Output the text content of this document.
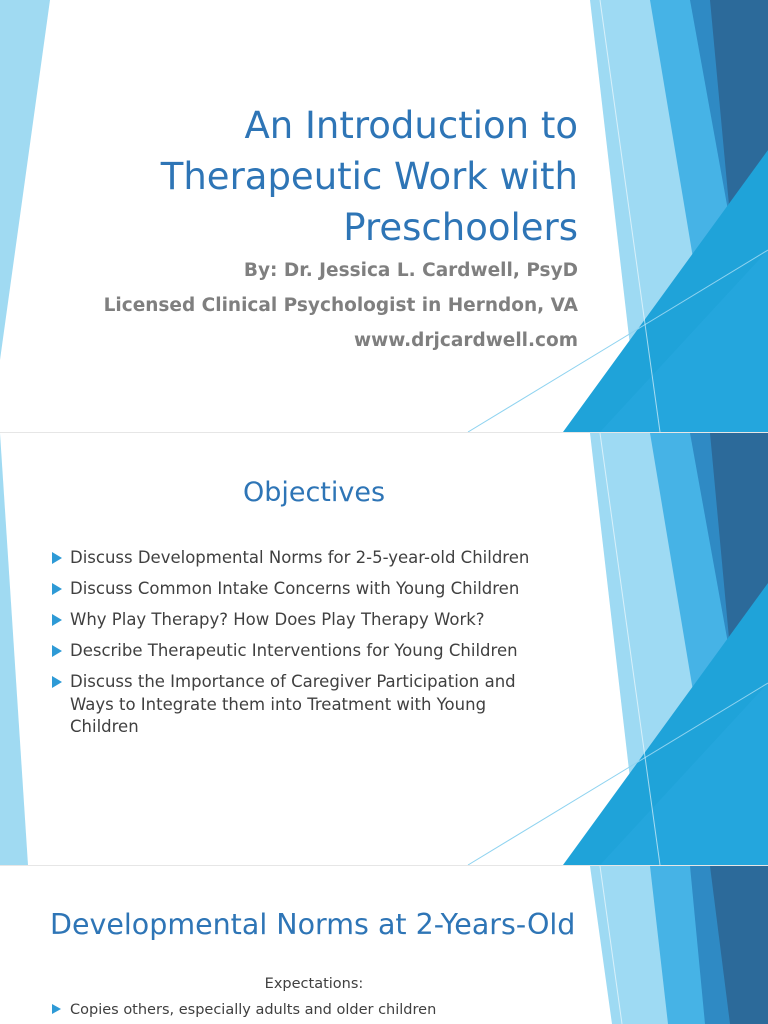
An Introduction to
Therapeutic Work with
Preschoolers
By: Dr. Jessica L. Cardwell, PsyD
Licensed Clinical Psychologist in Herndon, VA
www.drjcardwell.com
Objectives
Discuss Developmental Norms for 2-5-year-old Children
Discuss Common Intake Concerns with Young Children
Why Play Therapy? How Does Play Therapy Work?
Describe Therapeutic Interventions for Young Children
Discuss the Importance of Caregiver Participation and Ways to Integrate them into Treatment with Young Children
Developmental Norms at 2-Years-Old
Expectations:
Copies others, especially adults and older children
